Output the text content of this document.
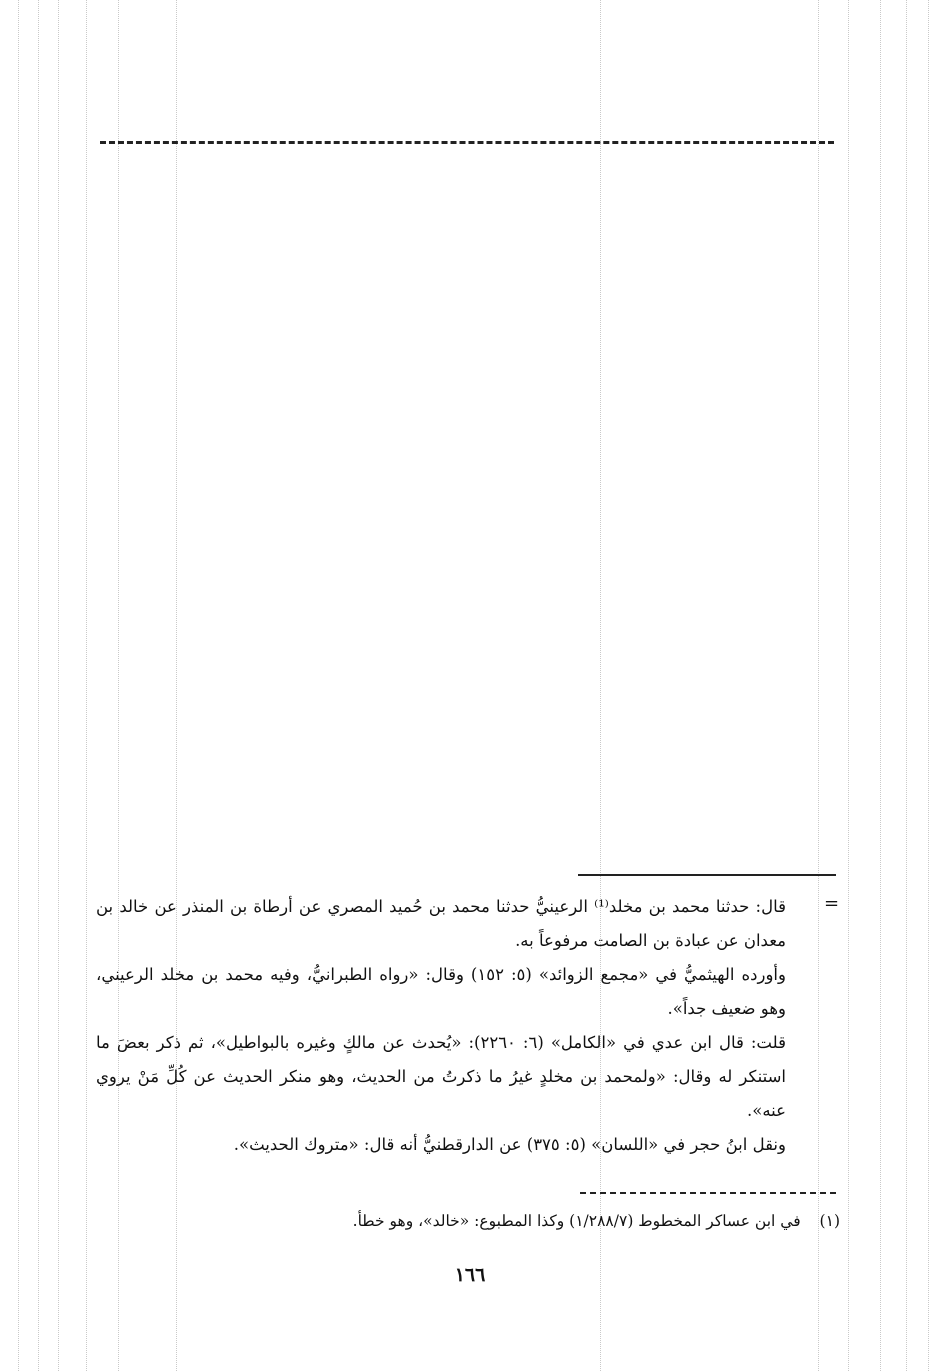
=

قال: حدثنا محمد بن مخلد⁽¹⁾ الرعينيُّ حدثنا محمد بن حُميد المصري عن أرطاة بن المنذر عن خالد بن معدان عن عبادة بن الصامت مرفوعاً به.

وأورده الهيثميُّ في «مجمع الزوائد» (٥: ١٥٢) وقال: «رواه الطبرانيُّ، وفيه محمد بن مخلد الرعيني، وهو ضعيف جداً».

قلت: قال ابن عدي في «الكامل» (٦: ٢٢٦٠): «يُحدث عن مالكٍ وغيره بالبواطيل»، ثم ذكر بعضَ ما استنكر له وقال: «ولمحمد بن مخلدٍ غيرُ ما ذكرتُ من الحديث، وهو منكر الحديث عن كُلِّ مَنْ يروي عنه».

ونقل ابنُ حجر في «اللسان» (٥: ٣٧٥) عن الدارقطنيُّ أنه قال: «متروك الحديث».

(١) في ابن عساكر المخطوط (١/٢٨٨/٧) وكذا المطبوع: «خالد»، وهو خطأ.
١٦٦
